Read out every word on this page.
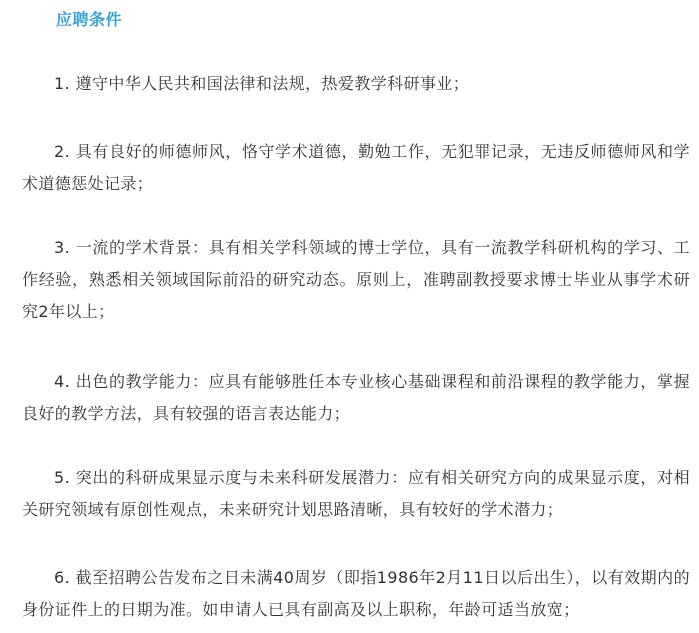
应聘条件

1. 遵守中华人民共和国法律和法规，热爱教学科研事业；

2. 具有良好的师德师风，恪守学术道德，勤勉工作，无犯罪记录，无违反师德师风和学术道德惩处记录；

3. 一流的学术背景：具有相关学科领域的博士学位，具有一流教学科研机构的学习、工作经验，熟悉相关领域国际前沿的研究动态。原则上，准聘副教授要求博士毕业从事学术研究2年以上；

4. 出色的教学能力：应具有能够胜任本专业核心基础课程和前沿课程的教学能力，掌握良好的教学方法，具有较强的语言表达能力；

5. 突出的科研成果显示度与未来科研发展潜力：应有相关研究方向的成果显示度，对相关研究领域有原创性观点，未来研究计划思路清晰，具有较好的学术潜力；

6. 截至招聘公告发布之日未满40周岁（即指1986年2月11日以后出生），以有效期内的身份证件上的日期为准。如申请人已具有副高及以上职称，年龄可适当放宽；
